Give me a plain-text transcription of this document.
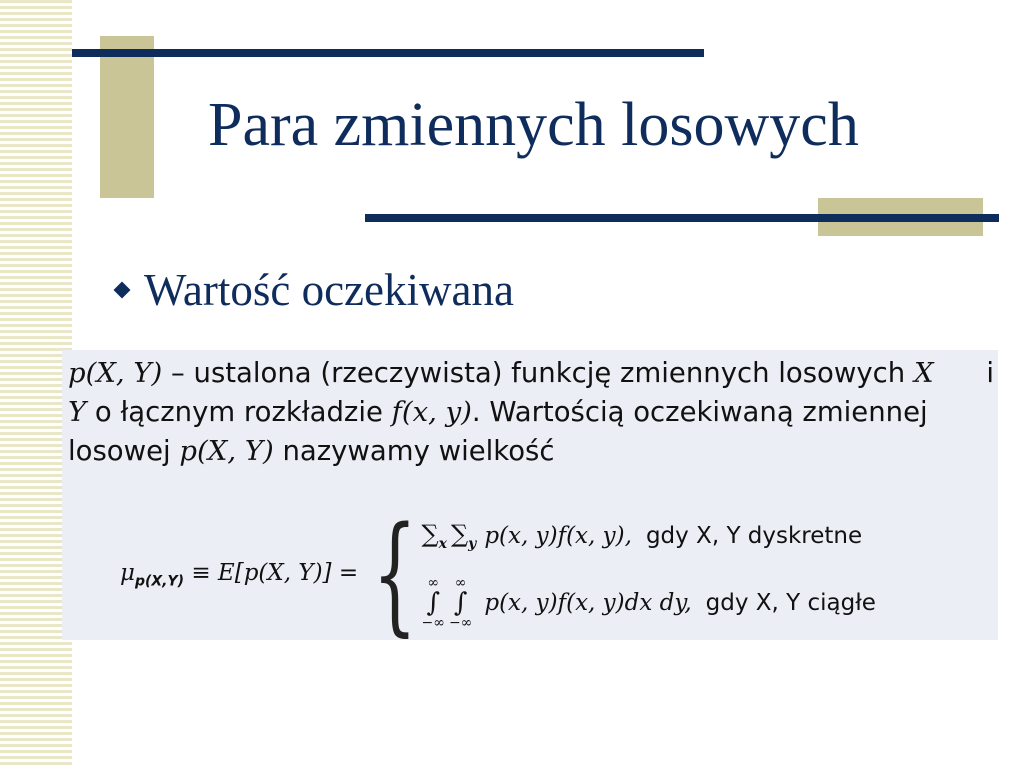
Para zmiennych losowych
Wartość oczekiwana
p(X, Y) – ustalona (rzeczywista) funkcję zmiennych losowych X i
Y o łącznym rozkładzie f(x, y). Wartością oczekiwaną zmiennej
losowej p(X, Y) nazywamy wielkość
$\mu_{p(X,Y)} \equiv E[p(X$, Y)] = { $\sum_x$ $\sum_y$ p(x, y)f(x, y), gdy X, Y dyskretne
∞
∫
−∞
∞
∫
−∞
p(x, y)f(x, y)dx dy, gdy X, Y ciągłe
